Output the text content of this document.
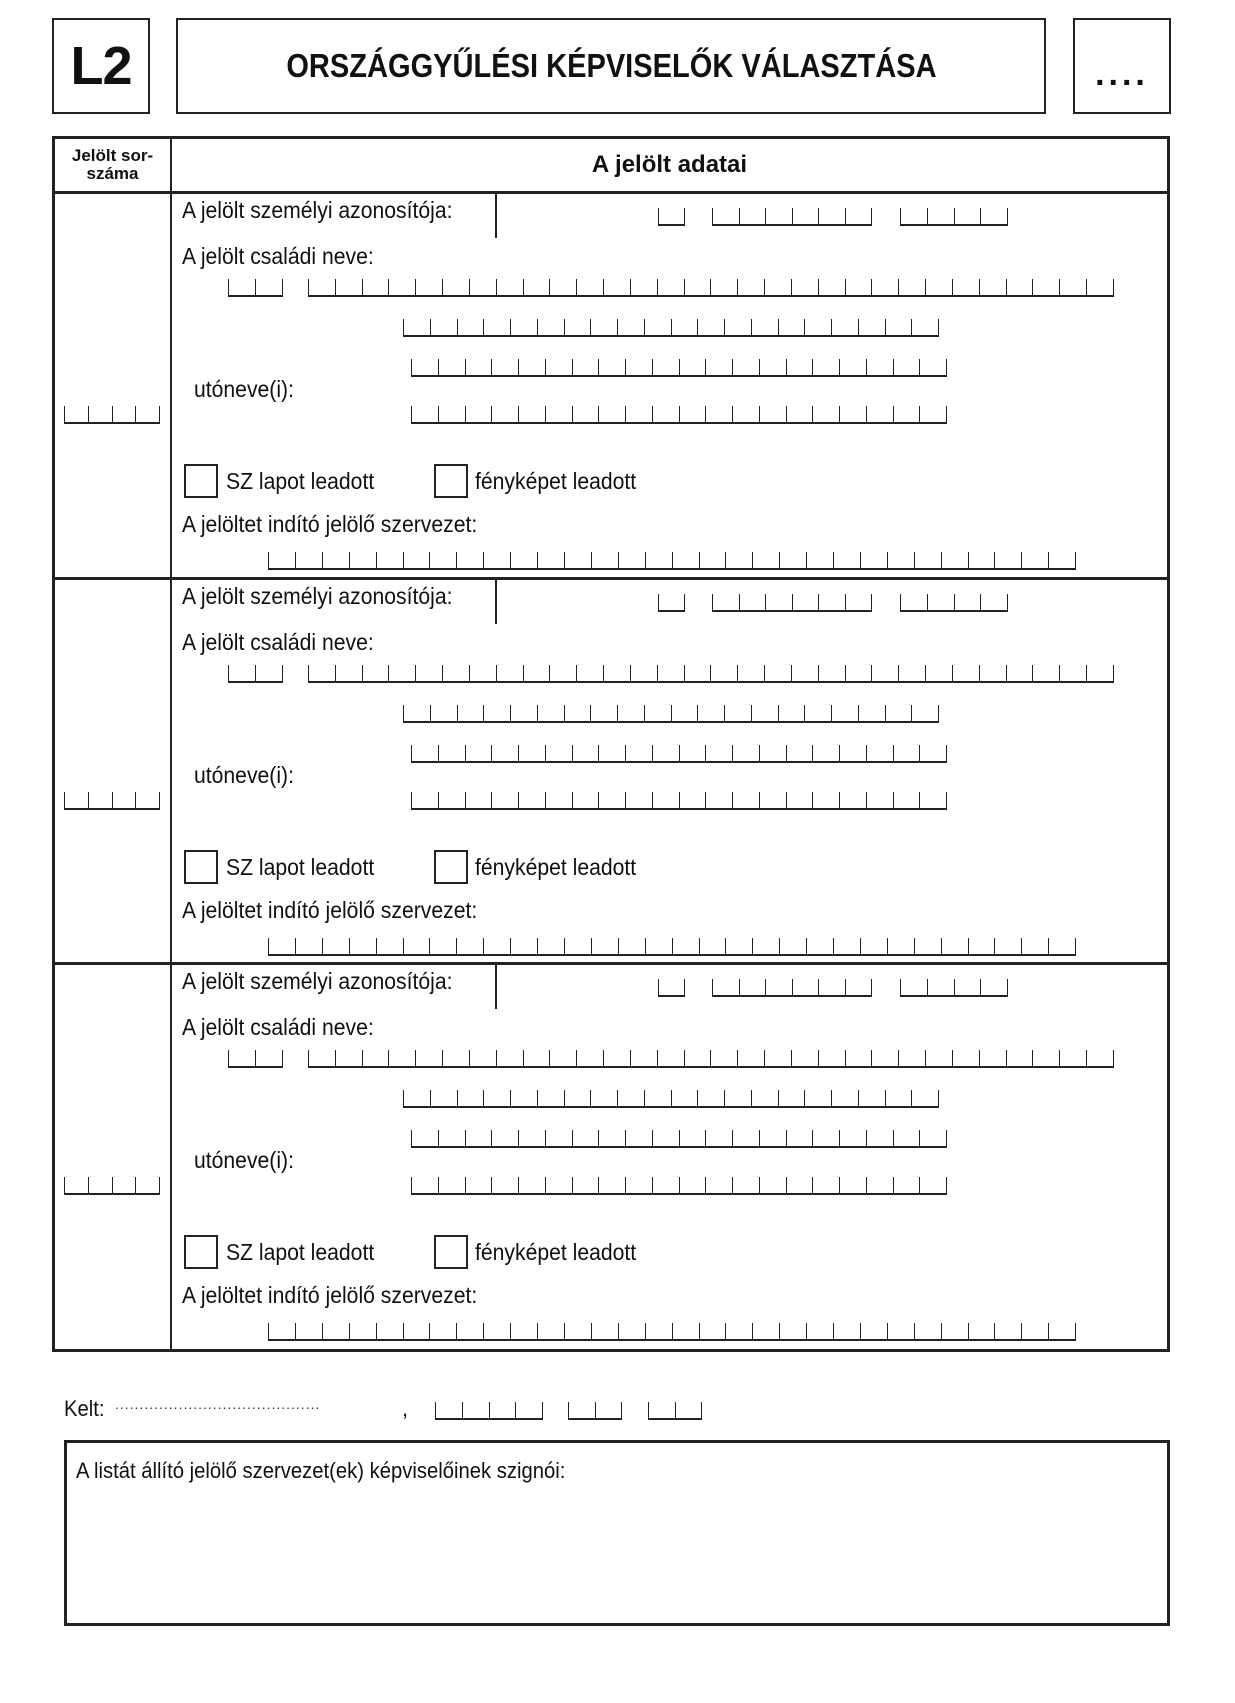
L2	ORSZÁGGYŰLÉSI KÉPVISELŐK VÁLASZTÁSA	....
Jelölt sor-
száma	A jelölt adatai
A jelölt személyi azonosítója:
A jelölt családi neve:
utóneve(i):
SZ lapot leadott	fényképet leadott
A jelöltet indító jelölő szervezet:
A jelölt személyi azonosítója:
A jelölt családi neve:
utóneve(i):
SZ lapot leadott	fényképet leadott
A jelöltet indító jelölő szervezet:
A jelölt személyi azonosítója:
A jelölt családi neve:
utóneve(i):
SZ lapot leadott	fényképet leadott
A jelöltet indító jelölő szervezet:
Kelt: ..........................................	,
A listát állító jelölő szervezet(ek) képviselőinek szignói:
